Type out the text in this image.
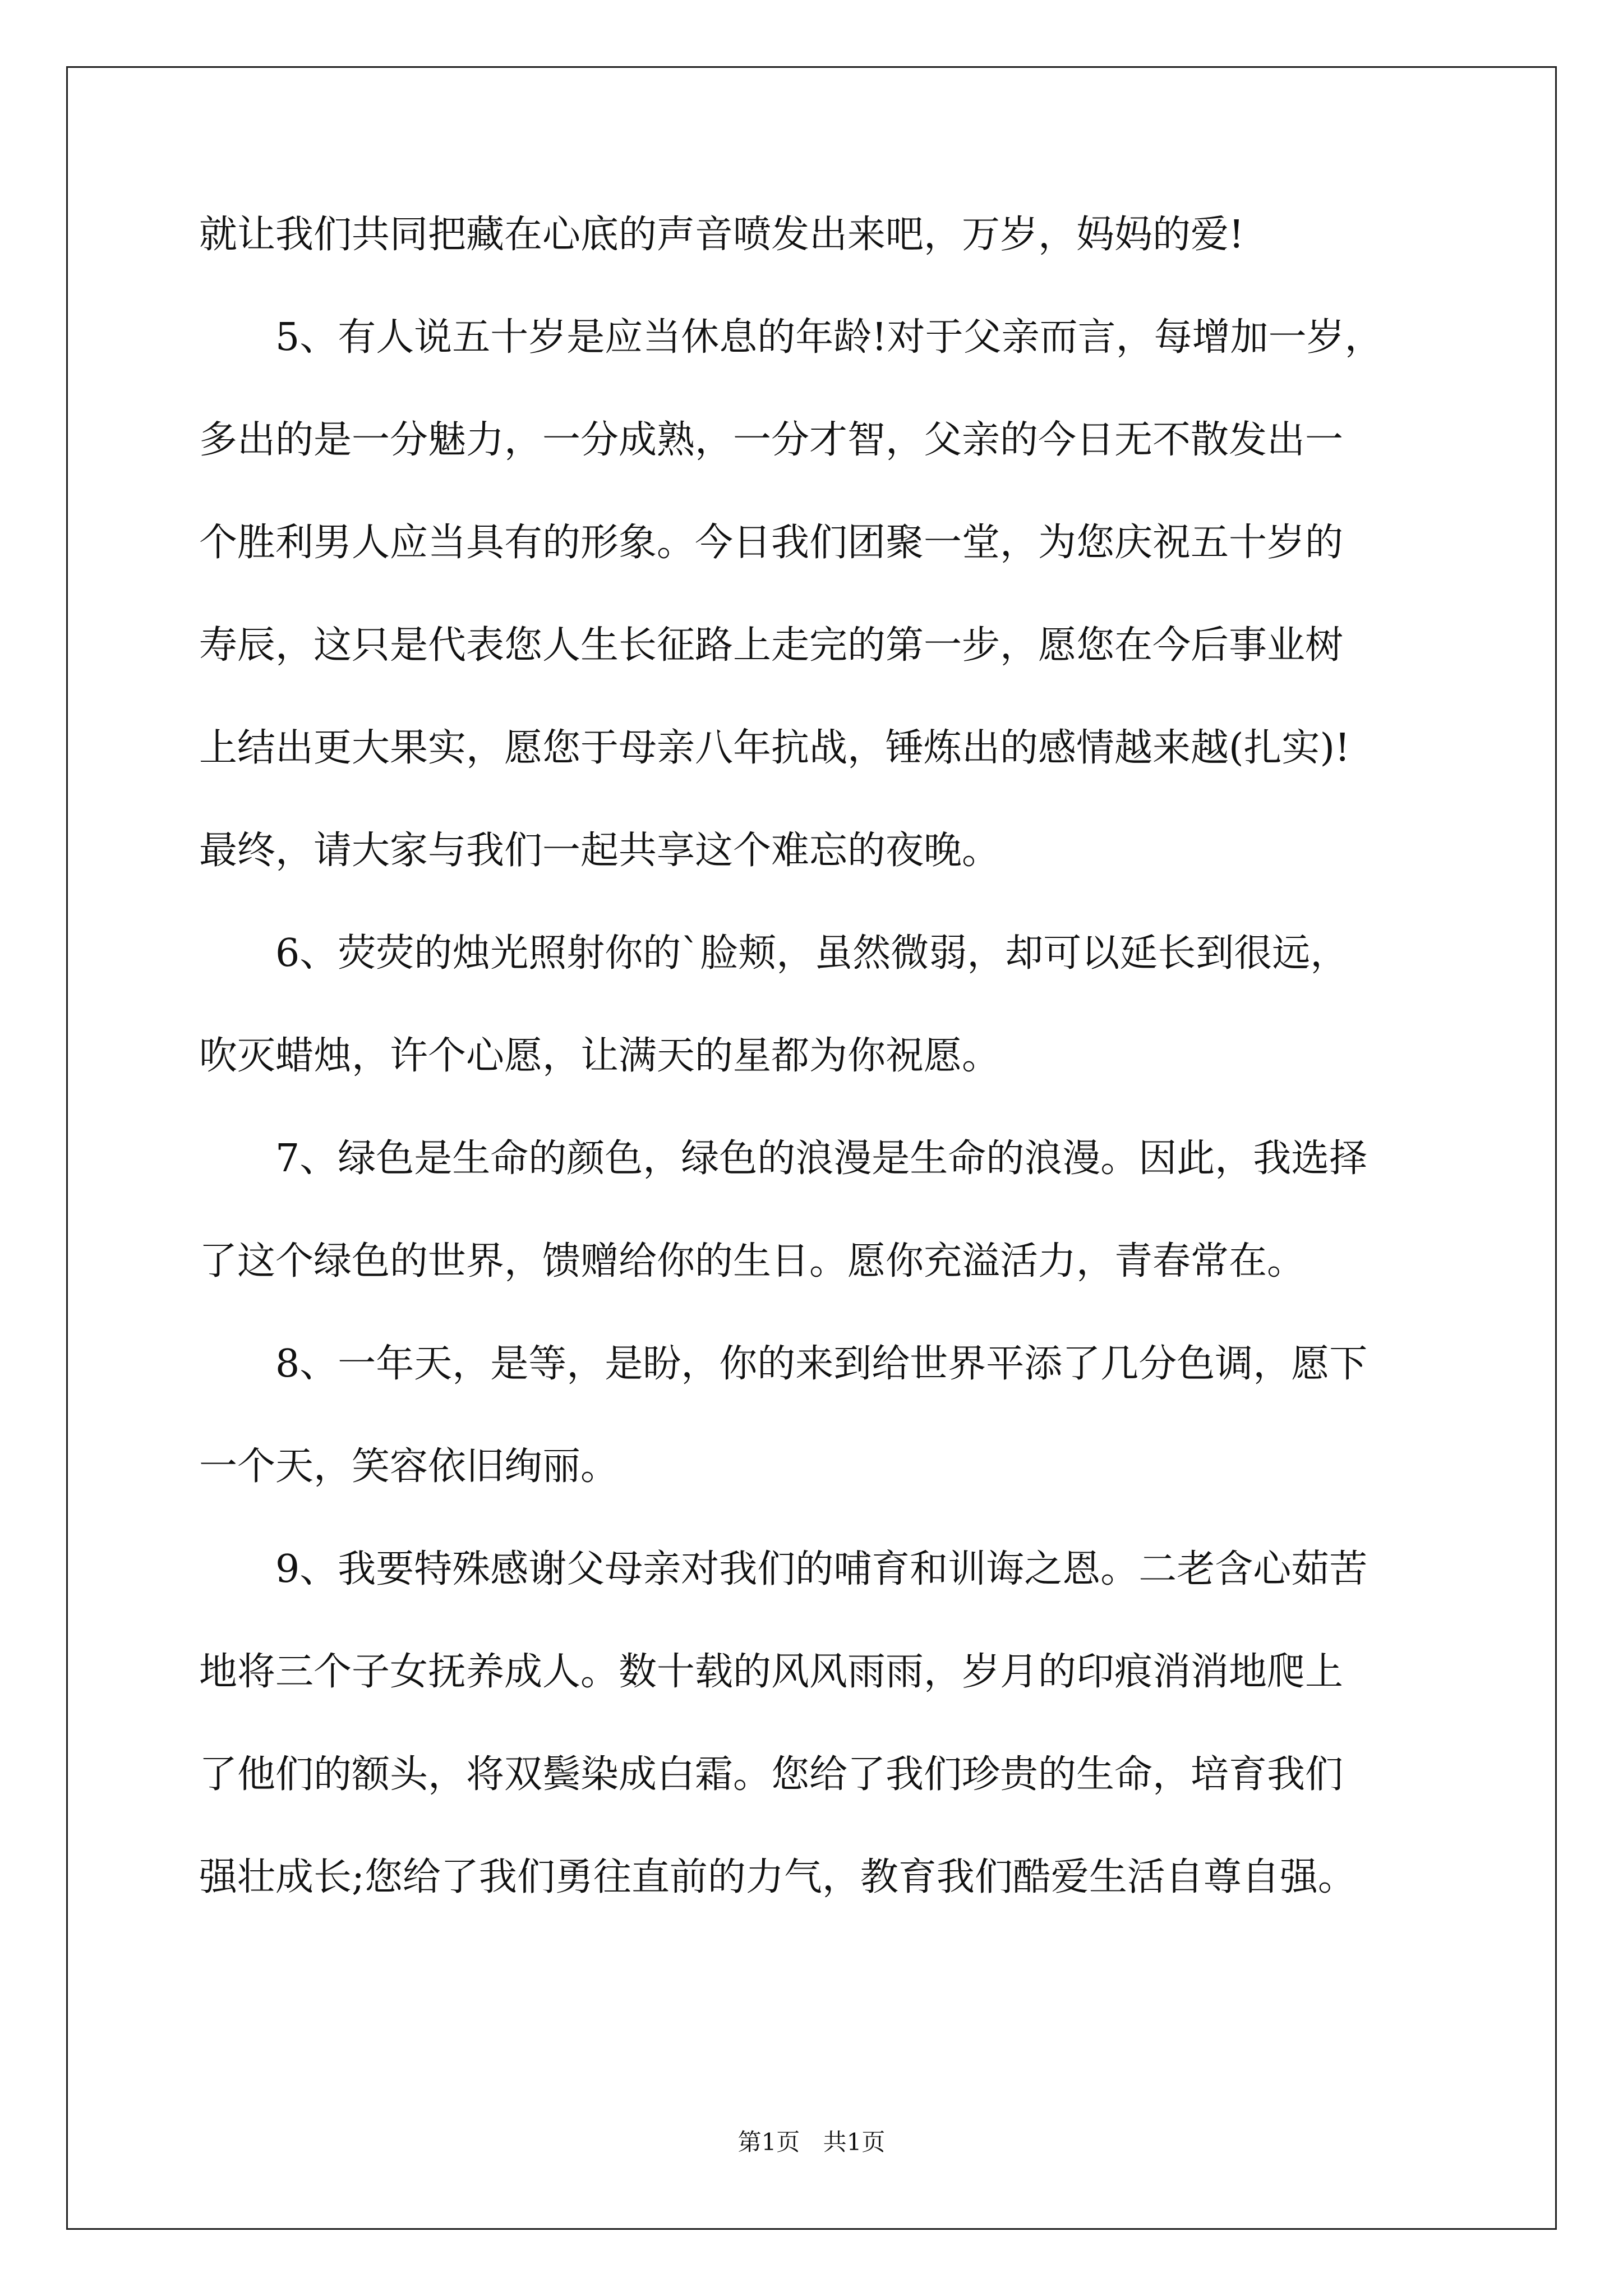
就让我们共同把藏在心底的声音喷发出来吧，万岁，妈妈的爱!
5、有人说五十岁是应当休息的年龄!对于父亲而言，每增加一岁，
多出的是一分魅力，一分成熟，一分才智，父亲的今日无不散发出一
个胜利男人应当具有的形象。今日我们团聚一堂，为您庆祝五十岁的
寿辰，这只是代表您人生长征路上走完的第一步，愿您在今后事业树
上结出更大果实，愿您于母亲八年抗战，锤炼出的感情越来越(扎实)!
最终，请大家与我们一起共享这个难忘的夜晚。
6、荧荧的烛光照射你的`脸颊，虽然微弱，却可以延长到很远，
吹灭蜡烛，许个心愿，让满天的星都为你祝愿。
7、绿色是生命的颜色，绿色的浪漫是生命的浪漫。因此，我选择
了这个绿色的世界，馈赠给你的生日。愿你充溢活力，青春常在。
8、一年天，是等，是盼，你的来到给世界平添了几分色调，愿下
一个天，笑容依旧绚丽。
9、我要特殊感谢父母亲对我们的哺育和训诲之恩。二老含心茹苦
地将三个子女抚养成人。数十载的风风雨雨，岁月的印痕消消地爬上
了他们的额头，将双鬓染成白霜。您给了我们珍贵的生命，培育我们
强壮成长;您给了我们勇往直前的力气，教育我们酷爱生活自尊自强。
第1页 共1页
